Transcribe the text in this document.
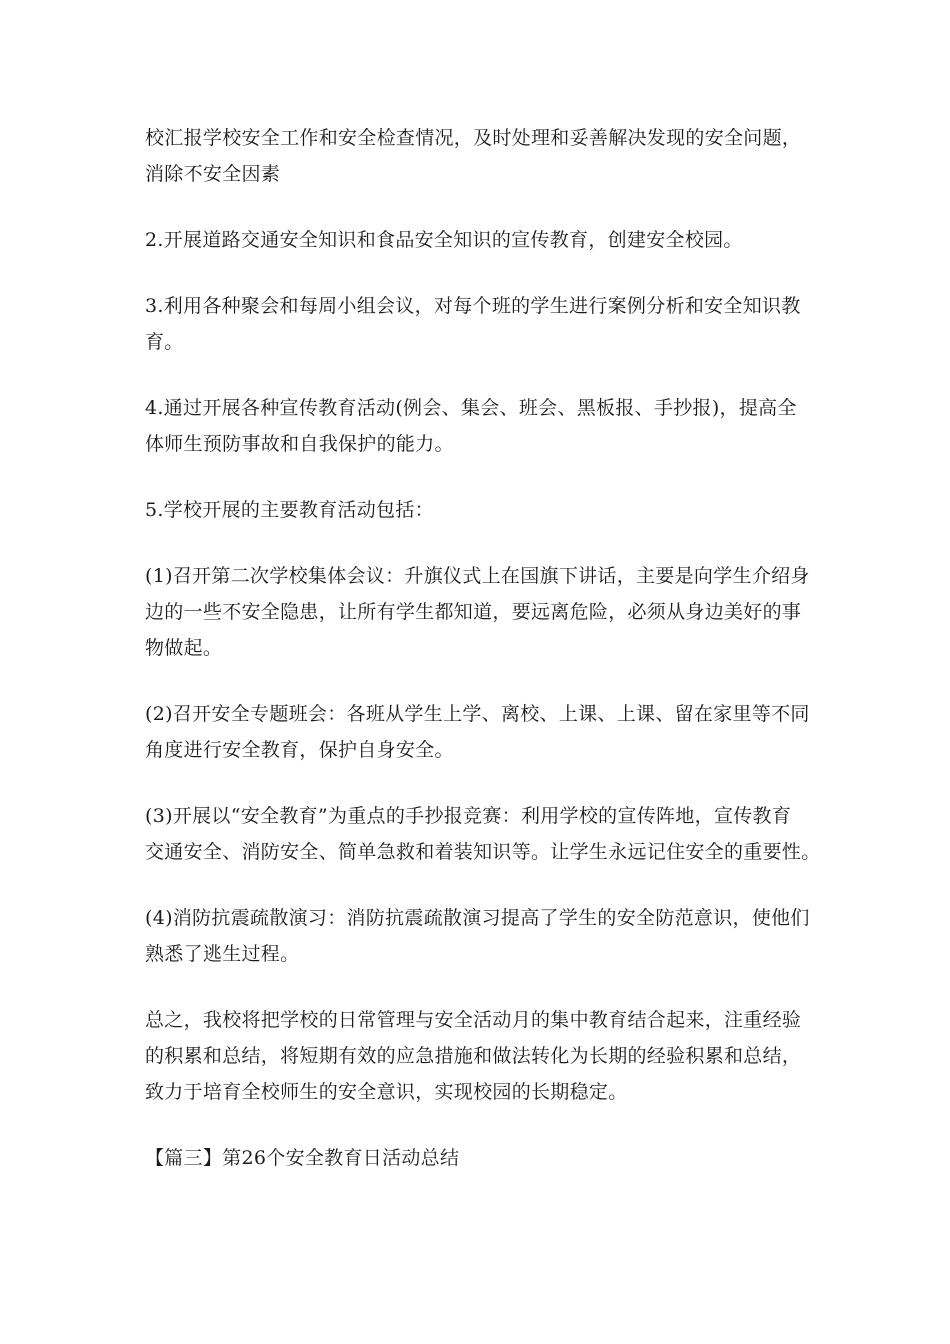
校汇报学校安全工作和安全检查情况，及时处理和妥善解决发现的安全问题，
消除不安全因素

2.开展道路交通安全知识和食品安全知识的宣传教育，创建安全校园。

3.利用各种聚会和每周小组会议，对每个班的学生进行案例分析和安全知识教
育。

4.通过开展各种宣传教育活动(例会、集会、班会、黑板报、手抄报)，提高全
体师生预防事故和自我保护的能力。

5.学校开展的主要教育活动包括：

(1)召开第二次学校集体会议：升旗仪式上在国旗下讲话，主要是向学生介绍身
边的一些不安全隐患，让所有学生都知道，要远离危险，必须从身边美好的事
物做起。

(2)召开安全专题班会：各班从学生上学、离校、上课、上课、留在家里等不同
角度进行安全教育，保护自身安全。

(3)开展以“安全教育”为重点的手抄报竞赛：利用学校的宣传阵地，宣传教育
交通安全、消防安全、简单急救和着装知识等。让学生永远记住安全的重要性。

(4)消防抗震疏散演习：消防抗震疏散演习提高了学生的安全防范意识，使他们
熟悉了逃生过程。

总之，我校将把学校的日常管理与安全活动月的集中教育结合起来，注重经验
的积累和总结，将短期有效的应急措施和做法转化为长期的经验积累和总结，
致力于培育全校师生的安全意识，实现校园的长期稳定。

【篇三】第26个安全教育日活动总结
